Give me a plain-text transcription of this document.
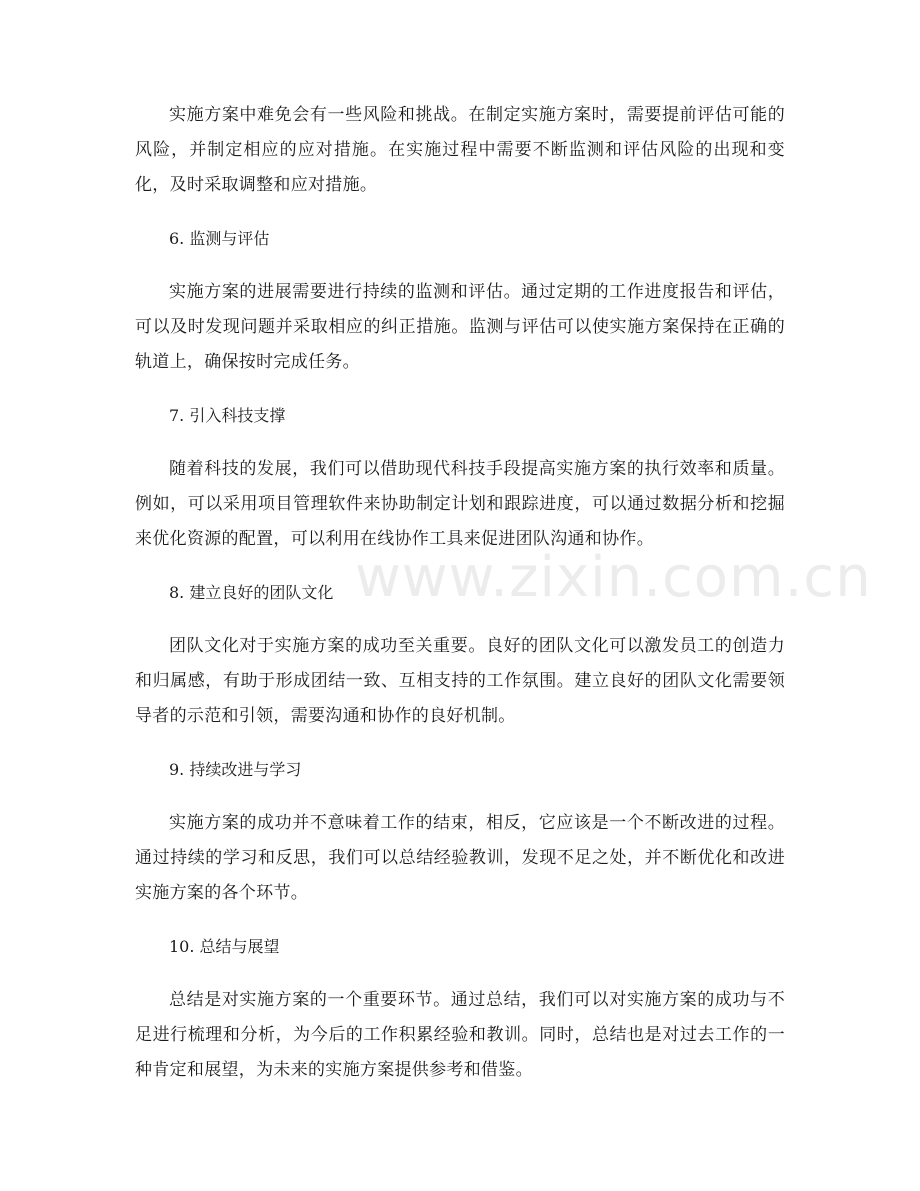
实施方案中难免会有一些风险和挑战。在制定实施方案时，需要提前评估可能的风险，并制定相应的应对措施。在实施过程中需要不断监测和评估风险的出现和变化，及时采取调整和应对措施。

6. 监测与评估

实施方案的进展需要进行持续的监测和评估。通过定期的工作进度报告和评估，可以及时发现问题并采取相应的纠正措施。监测与评估可以使实施方案保持在正确的轨道上，确保按时完成任务。

7. 引入科技支撑

随着科技的发展，我们可以借助现代科技手段提高实施方案的执行效率和质量。例如，可以采用项目管理软件来协助制定计划和跟踪进度，可以通过数据分析和挖掘来优化资源的配置，可以利用在线协作工具来促进团队沟通和协作。

8. 建立良好的团队文化

团队文化对于实施方案的成功至关重要。良好的团队文化可以激发员工的创造力和归属感，有助于形成团结一致、互相支持的工作氛围。建立良好的团队文化需要领导者的示范和引领，需要沟通和协作的良好机制。

9. 持续改进与学习

实施方案的成功并不意味着工作的结束，相反，它应该是一个不断改进的过程。通过持续的学习和反思，我们可以总结经验教训，发现不足之处，并不断优化和改进实施方案的各个环节。

10. 总结与展望

总结是对实施方案的一个重要环节。通过总结，我们可以对实施方案的成功与不足进行梳理和分析，为今后的工作积累经验和教训。同时，总结也是对过去工作的一种肯定和展望，为未来的实施方案提供参考和借鉴。

www.zixin.com.cn
